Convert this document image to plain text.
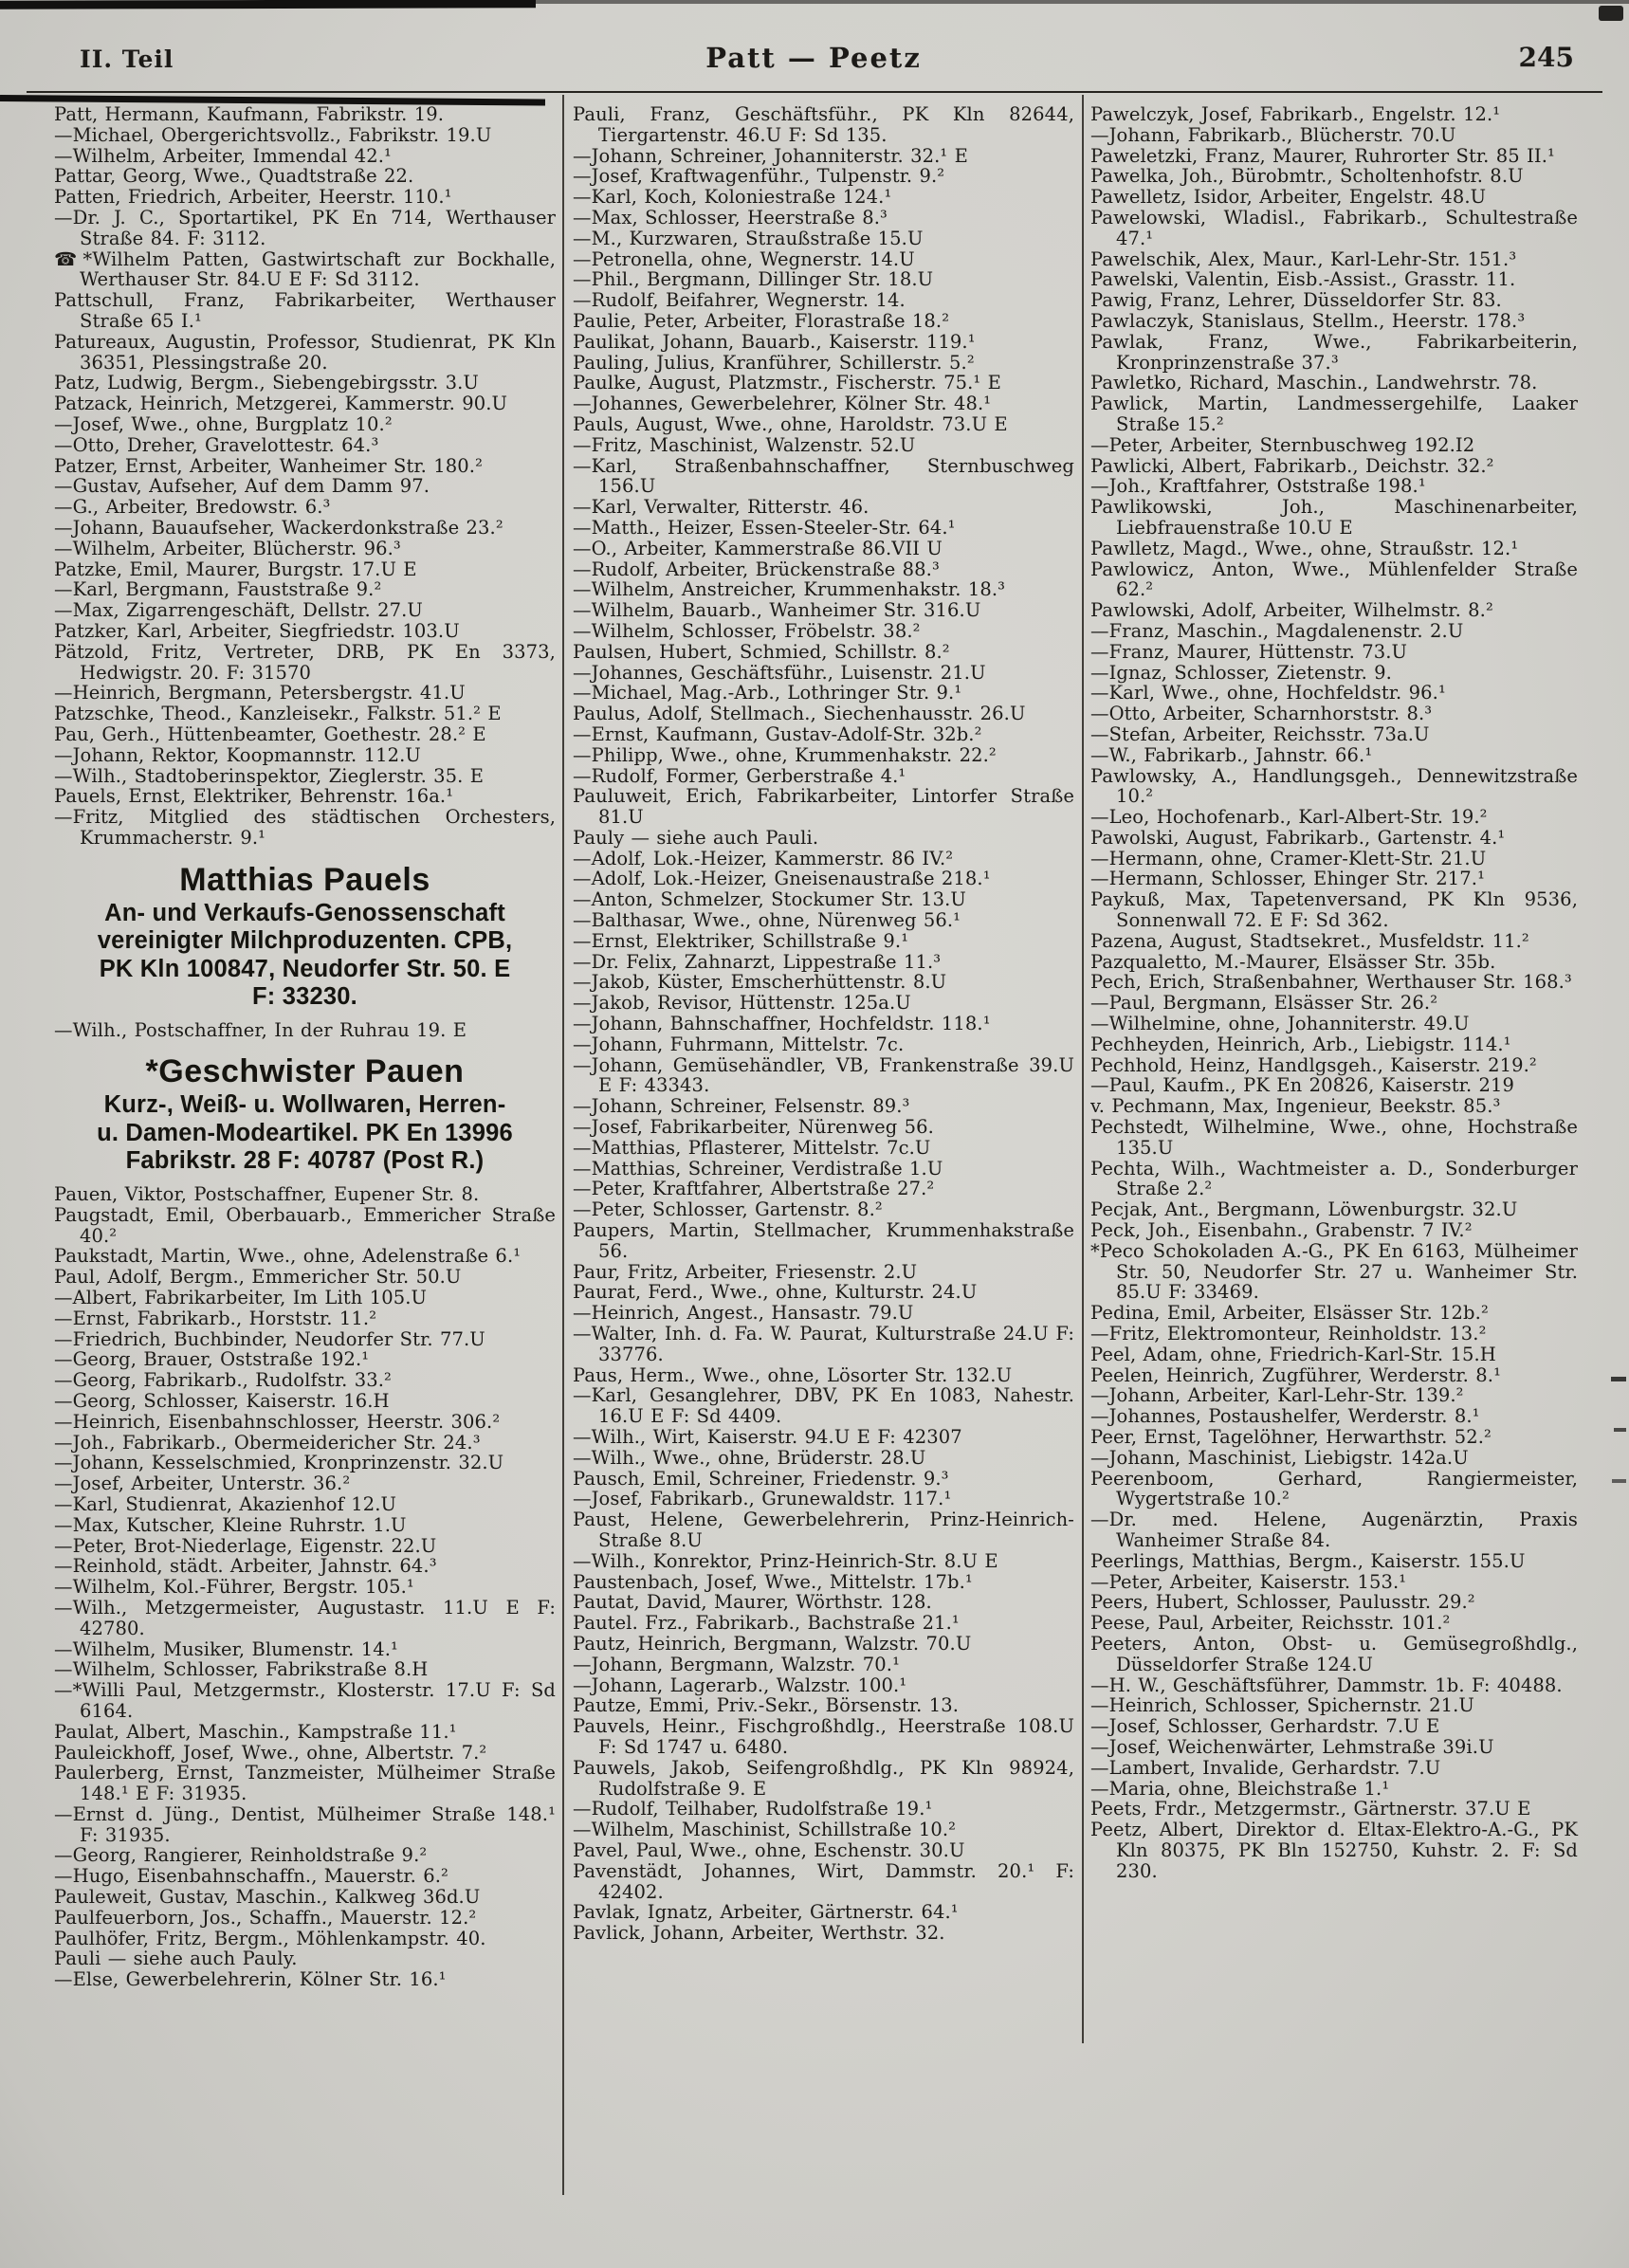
II. Teil	Patt — Peetz	245

Patt, Hermann, Kaufmann, Fabrikstr. 19.

—Michael, Obergerichtsvollz., Fabrikstr. 19.U

—Wilhelm, Arbeiter, Immendal 42.¹

Pattar, Georg, Wwe., Quadtstraße 22.

Patten, Friedrich, Arbeiter, Heerstr. 110.¹

—Dr. J. C., Sportartikel, PK En 714, Werthauser Straße 84. F: 3112.

☎*Wilhelm Patten, Gastwirtschaft zur Bockhalle, Werthauser Str. 84.U E F: Sd 3112.

Pattschull, Franz, Fabrikarbeiter, Werthauser Straße 65 I.¹

Patureaux, Augustin, Professor, Studienrat, PK Kln 36351, Plessingstraße 20.

Patz, Ludwig, Bergm., Siebengebirgsstr. 3.U

Patzack, Heinrich, Metzgerei, Kammerstr. 90.U

—Josef, Wwe., ohne, Burgplatz 10.²

—Otto, Dreher, Gravelottestr. 64.³

Patzer, Ernst, Arbeiter, Wanheimer Str. 180.²

—Gustav, Aufseher, Auf dem Damm 97.

—G., Arbeiter, Bredowstr. 6.³

—Johann, Bauaufseher, Wackerdonkstraße 23.²

—Wilhelm, Arbeiter, Blücherstr. 96.³

Patzke, Emil, Maurer, Burgstr. 17.U E

—Karl, Bergmann, Fauststraße 9.²

—Max, Zigarrengeschäft, Dellstr. 27.U

Patzker, Karl, Arbeiter, Siegfriedstr. 103.U

Pätzold, Fritz, Vertreter, DRB, PK En 3373, Hedwigstr. 20. F: 31570

—Heinrich, Bergmann, Petersbergstr. 41.U

Patzschke, Theod., Kanzleisekr., Falkstr. 51.² E

Pau, Gerh., Hüttenbeamter, Goethestr. 28.² E

—Johann, Rektor, Koopmannstr. 112.U

—Wilh., Stadtoberinspektor, Zieglerstr. 35. E

Pauels, Ernst, Elektriker, Behrenstr. 16a.¹

—Fritz, Mitglied des städtischen Orchesters, Krummacherstr. 9.¹

Matthias Pauels
An- und Verkaufs-Genossenschaft
vereinigter Milchproduzenten. CPB,
PK Kln 100847, Neudorfer Str. 50. E
F: 33230.

—Wilh., Postschaffner, In der Ruhrau 19. E

*Geschwister Pauen
Kurz-, Weiß- u. Wollwaren, Herren-
u. Damen-Modeartikel. PK En 13996
Fabrikstr. 28 F: 40787 (Post R.)

Pauen, Viktor, Postschaffner, Eupener Str. 8.

Paugstadt, Emil, Oberbauarb., Emmericher Straße 40.²

Paukstadt, Martin, Wwe., ohne, Adelenstraße 6.¹

Paul, Adolf, Bergm., Emmericher Str. 50.U

—Albert, Fabrikarbeiter, Im Lith 105.U

—Ernst, Fabrikarb., Horststr. 11.²

—Friedrich, Buchbinder, Neudorfer Str. 77.U

—Georg, Brauer, Oststraße 192.¹

—Georg, Fabrikarb., Rudolfstr. 33.²

—Georg, Schlosser, Kaiserstr. 16.H

—Heinrich, Eisenbahnschlosser, Heerstr. 306.²

—Joh., Fabrikarb., Obermeidericher Str. 24.³

—Johann, Kesselschmied, Kronprinzenstr. 32.U

—Josef, Arbeiter, Unterstr. 36.²

—Karl, Studienrat, Akazienhof 12.U

—Max, Kutscher, Kleine Ruhrstr. 1.U

—Peter, Brot-Niederlage, Eigenstr. 22.U

—Reinhold, städt. Arbeiter, Jahnstr. 64.³

—Wilhelm, Kol.-Führer, Bergstr. 105.¹

—Wilh., Metzgermeister, Augustastr. 11.U E F: 42780.

—Wilhelm, Musiker, Blumenstr. 14.¹

—Wilhelm, Schlosser, Fabrikstraße 8.H

—*Willi Paul, Metzgermstr., Klosterstr. 17.U F: Sd 6164.

Paulat, Albert, Maschin., Kampstraße 11.¹

Pauleickhoff, Josef, Wwe., ohne, Albertstr. 7.²

Paulerberg, Ernst, Tanzmeister, Mülheimer Straße 148.¹ E F: 31935.

—Ernst d. Jüng., Dentist, Mülheimer Straße 148.¹ F: 31935.

—Georg, Rangierer, Reinholdstraße 9.²

—Hugo, Eisenbahnschaffn., Mauerstr. 6.²

Pauleweit, Gustav, Maschin., Kalkweg 36d.U

Paulfeuerborn, Jos., Schaffn., Mauerstr. 12.²

Paulhöfer, Fritz, Bergm., Möhlenkampstr. 40.

Pauli — siehe auch Pauly.

—Else, Gewerbelehrerin, Kölner Str. 16.¹

Pauli, Franz, Geschäftsführ., PK Kln 82644, Tiergartenstr. 46.U F: Sd 135.

—Johann, Schreiner, Johanniterstr. 32.¹ E

—Josef, Kraftwagenführ., Tulpenstr. 9.²

—Karl, Koch, Koloniestraße 124.¹

—Max, Schlosser, Heerstraße 8.³

—M., Kurzwaren, Straußstraße 15.U

—Petronella, ohne, Wegnerstr. 14.U

—Phil., Bergmann, Dillinger Str. 18.U

—Rudolf, Beifahrer, Wegnerstr. 14.

Paulie, Peter, Arbeiter, Florastraße 18.²

Paulikat, Johann, Bauarb., Kaiserstr. 119.¹

Pauling, Julius, Kranführer, Schillerstr. 5.²

Paulke, August, Platzmstr., Fischerstr. 75.¹ E

—Johannes, Gewerbelehrer, Kölner Str. 48.¹

Pauls, August, Wwe., ohne, Haroldstr. 73.U E

—Fritz, Maschinist, Walzenstr. 52.U

—Karl, Straßenbahnschaffner, Sternbuschweg 156.U

—Karl, Verwalter, Ritterstr. 46.

—Matth., Heizer, Essen-Steeler-Str. 64.¹

—O., Arbeiter, Kammerstraße 86.VII U

—Rudolf, Arbeiter, Brückenstraße 88.³

—Wilhelm, Anstreicher, Krummenhakstr. 18.³

—Wilhelm, Bauarb., Wanheimer Str. 316.U

—Wilhelm, Schlosser, Fröbelstr. 38.²

Paulsen, Hubert, Schmied, Schillstr. 8.²

—Johannes, Geschäftsführ., Luisenstr. 21.U

—Michael, Mag.-Arb., Lothringer Str. 9.¹

Paulus, Adolf, Stellmach., Siechenhausstr. 26.U

—Ernst, Kaufmann, Gustav-Adolf-Str. 32b.²

—Philipp, Wwe., ohne, Krummenhakstr. 22.²

—Rudolf, Former, Gerberstraße 4.¹

Pauluweit, Erich, Fabrikarbeiter, Lintorfer Straße 81.U

Pauly — siehe auch Pauli.

—Adolf, Lok.-Heizer, Kammerstr. 86 IV.²

—Adolf, Lok.-Heizer, Gneisenaustraße 218.¹

—Anton, Schmelzer, Stockumer Str. 13.U

—Balthasar, Wwe., ohne, Nürenweg 56.¹

—Ernst, Elektriker, Schillstraße 9.¹

—Dr. Felix, Zahnarzt, Lippestraße 11.³

—Jakob, Küster, Emscherhüttenstr. 8.U

—Jakob, Revisor, Hüttenstr. 125a.U

—Johann, Bahnschaffner, Hochfeldstr. 118.¹

—Johann, Fuhrmann, Mittelstr. 7c.

—Johann, Gemüsehändler, VB, Frankenstraße 39.U E F: 43343.

—Johann, Schreiner, Felsenstr. 89.³

—Josef, Fabrikarbeiter, Nürenweg 56.

—Matthias, Pflasterer, Mittelstr. 7c.U

—Matthias, Schreiner, Verdistraße 1.U

—Peter, Kraftfahrer, Albertstraße 27.²

—Peter, Schlosser, Gartenstr. 8.²

Paupers, Martin, Stellmacher, Krummenhakstraße 56.

Paur, Fritz, Arbeiter, Friesenstr. 2.U

Paurat, Ferd., Wwe., ohne, Kulturstr. 24.U

—Heinrich, Angest., Hansastr. 79.U

—Walter, Inh. d. Fa. W. Paurat, Kulturstraße 24.U F: 33776.

Paus, Herm., Wwe., ohne, Lösorter Str. 132.U

—Karl, Gesanglehrer, DBV, PK En 1083, Nahestr. 16.U E F: Sd 4409.

—Wilh., Wirt, Kaiserstr. 94.U E F: 42307

—Wilh., Wwe., ohne, Brüderstr. 28.U

Pausch, Emil, Schreiner, Friedenstr. 9.³

—Josef, Fabrikarb., Grunewaldstr. 117.¹

Paust, Helene, Gewerbelehrerin, Prinz-Heinrich-Straße 8.U

—Wilh., Konrektor, Prinz-Heinrich-Str. 8.U E

Paustenbach, Josef, Wwe., Mittelstr. 17b.¹

Pautat, David, Maurer, Wörthstr. 128.

Pautel. Frz., Fabrikarb., Bachstraße 21.¹

Pautz, Heinrich, Bergmann, Walzstr. 70.U

—Johann, Bergmann, Walzstr. 70.¹

—Johann, Lagerarb., Walzstr. 100.¹

Pautze, Emmi, Priv.-Sekr., Börsenstr. 13.

Pauvels, Heinr., Fischgroßhdlg., Heerstraße 108.U F: Sd 1747 u. 6480.

Pauwels, Jakob, Seifengroßhdlg., PK Kln 98924, Rudolfstraße 9. E

—Rudolf, Teilhaber, Rudolfstraße 19.¹

—Wilhelm, Maschinist, Schillstraße 10.²

Pavel, Paul, Wwe., ohne, Eschenstr. 30.U

Pavenstädt, Johannes, Wirt, Dammstr. 20.¹ F: 42402.

Pavlak, Ignatz, Arbeiter, Gärtnerstr. 64.¹

Pavlick, Johann, Arbeiter, Werthstr. 32.

Pawelczyk, Josef, Fabrikarb., Engelstr. 12.¹

—Johann, Fabrikarb., Blücherstr. 70.U

Paweletzki, Franz, Maurer, Ruhrorter Str. 85 II.¹

Pawelka, Joh., Bürobmtr., Scholtenhofstr. 8.U

Pawelletz, Isidor, Arbeiter, Engelstr. 48.U

Pawelowski, Wladisl., Fabrikarb., Schultestraße 47.¹

Pawelschik, Alex, Maur., Karl-Lehr-Str. 151.³

Pawelski, Valentin, Eisb.-Assist., Grasstr. 11.

Pawig, Franz, Lehrer, Düsseldorfer Str. 83.

Pawlaczyk, Stanislaus, Stellm., Heerstr. 178.³

Pawlak, Franz, Wwe., Fabrikarbeiterin, Kronprinzenstraße 37.³

Pawletko, Richard, Maschin., Landwehrstr. 78.

Pawlick, Martin, Landmessergehilfe, Laaker Straße 15.²

—Peter, Arbeiter, Sternbuschweg 192.I2

Pawlicki, Albert, Fabrikarb., Deichstr. 32.²

—Joh., Kraftfahrer, Oststraße 198.¹

Pawlikowski, Joh., Maschinenarbeiter, Liebfrauenstraße 10.U E

Pawlletz, Magd., Wwe., ohne, Straußstr. 12.¹

Pawlowicz, Anton, Wwe., Mühlenfelder Straße 62.²

Pawlowski, Adolf, Arbeiter, Wilhelmstr. 8.²

—Franz, Maschin., Magdalenenstr. 2.U

—Franz, Maurer, Hüttenstr. 73.U

—Ignaz, Schlosser, Zietenstr. 9.

—Karl, Wwe., ohne, Hochfeldstr. 96.¹

—Otto, Arbeiter, Scharnhorststr. 8.³

—Stefan, Arbeiter, Reichsstr. 73a.U

—W., Fabrikarb., Jahnstr. 66.¹

Pawlowsky, A., Handlungsgeh., Dennewitzstraße 10.²

—Leo, Hochofenarb., Karl-Albert-Str. 19.²

Pawolski, August, Fabrikarb., Gartenstr. 4.¹

—Hermann, ohne, Cramer-Klett-Str. 21.U

—Hermann, Schlosser, Ehinger Str. 217.¹

Paykuß, Max, Tapetenversand, PK Kln 9536, Sonnenwall 72. E F: Sd 362.

Pazena, August, Stadtsekret., Musfeldstr. 11.²

Pazqualetto, M.-Maurer, Elsässer Str. 35b.

Pech, Erich, Straßenbahner, Werthauser Str. 168.³

—Paul, Bergmann, Elsässer Str. 26.²

—Wilhelmine, ohne, Johanniterstr. 49.U

Pechheyden, Heinrich, Arb., Liebigstr. 114.¹

Pechhold, Heinz, Handlgsgeh., Kaiserstr. 219.²

—Paul, Kaufm., PK En 20826, Kaiserstr. 219

v. Pechmann, Max, Ingenieur, Beekstr. 85.³

Pechstedt, Wilhelmine, Wwe., ohne, Hochstraße 135.U

Pechta, Wilh., Wachtmeister a. D., Sonderburger Straße 2.²

Pecjak, Ant., Bergmann, Löwenburgstr. 32.U

Peck, Joh., Eisenbahn., Grabenstr. 7 IV.²

*Peco Schokoladen A.-G., PK En 6163, Mülheimer Str. 50, Neudorfer Str. 27 u. Wanheimer Str. 85.U F: 33469.

Pedina, Emil, Arbeiter, Elsässer Str. 12b.²

—Fritz, Elektromonteur, Reinholdstr. 13.²

Peel, Adam, ohne, Friedrich-Karl-Str. 15.H

Peelen, Heinrich, Zugführer, Werderstr. 8.¹

—Johann, Arbeiter, Karl-Lehr-Str. 139.²

—Johannes, Postaushelfer, Werderstr. 8.¹

Peer, Ernst, Tagelöhner, Herwarthstr. 52.²

—Johann, Maschinist, Liebigstr. 142a.U

Peerenboom, Gerhard, Rangiermeister, Wygertstraße 10.²

—Dr. med. Helene, Augenärztin, Praxis Wanheimer Straße 84.

Peerlings, Matthias, Bergm., Kaiserstr. 155.U

—Peter, Arbeiter, Kaiserstr. 153.¹

Peers, Hubert, Schlosser, Paulusstr. 29.²

Peese, Paul, Arbeiter, Reichsstr. 101.²

Peeters, Anton, Obst- u. Gemüsegroßhdlg., Düsseldorfer Straße 124.U

—H. W., Geschäftsführer, Dammstr. 1b. F: 40488.

—Heinrich, Schlosser, Spichernstr. 21.U

—Josef, Schlosser, Gerhardstr. 7.U E

—Josef, Weichenwärter, Lehmstraße 39i.U

—Lambert, Invalide, Gerhardstr. 7.U

—Maria, ohne, Bleichstraße 1.¹

Peets, Frdr., Metzgermstr., Gärtnerstr. 37.U E

Peetz, Albert, Direktor d. Eltax-Elektro-A.-G., PK Kln 80375, PK Bln 152750, Kuhstr. 2. F: Sd 230.
